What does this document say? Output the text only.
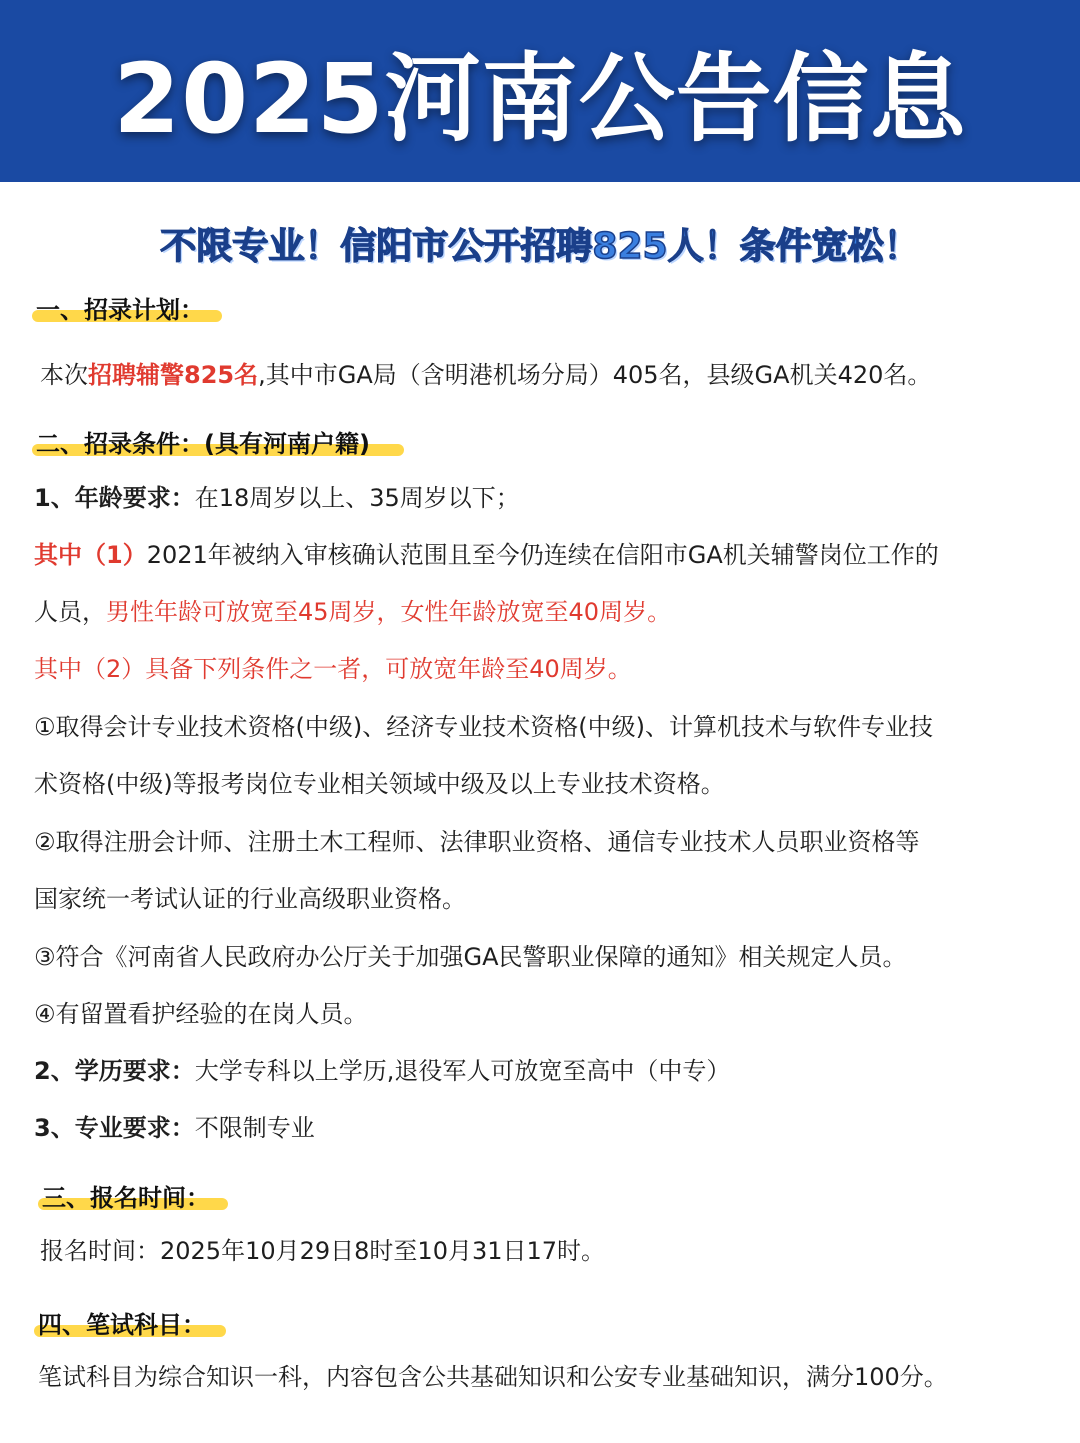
2025河南公告信息
不限专业！信阳市公开招聘825人！条件宽松！
一、招录计划：
本次招聘辅警825名,其中市GA局（含明港机场分局）405名，县级GA机关420名。
二、招录条件：(具有河南户籍)
1、年龄要求：在18周岁以上、35周岁以下；
其中（1）2021年被纳入审核确认范围且至今仍连续在信阳市GA机关辅警岗位工作的
人员，男性年龄可放宽至45周岁，女性年龄放宽至40周岁。
其中（2）具备下列条件之一者，可放宽年龄至40周岁。
①取得会计专业技术资格(中级)、经济专业技术资格(中级)、计算机技术与软件专业技
术资格(中级)等报考岗位专业相关领域中级及以上专业技术资格。
②取得注册会计师、注册土木工程师、法律职业资格、通信专业技术人员职业资格等
国家统一考试认证的行业高级职业资格。
③符合《河南省人民政府办公厅关于加强GA民警职业保障的通知》相关规定人员。
④有留置看护经验的在岗人员。
2、学历要求：大学专科以上学历,退役军人可放宽至高中（中专）
3、专业要求：不限制专业
三、报名时间：
报名时间：2025年10月29日8时至10月31日17时。
四、笔试科目：
笔试科目为综合知识一科，内容包含公共基础知识和公安专业基础知识，满分100分。
